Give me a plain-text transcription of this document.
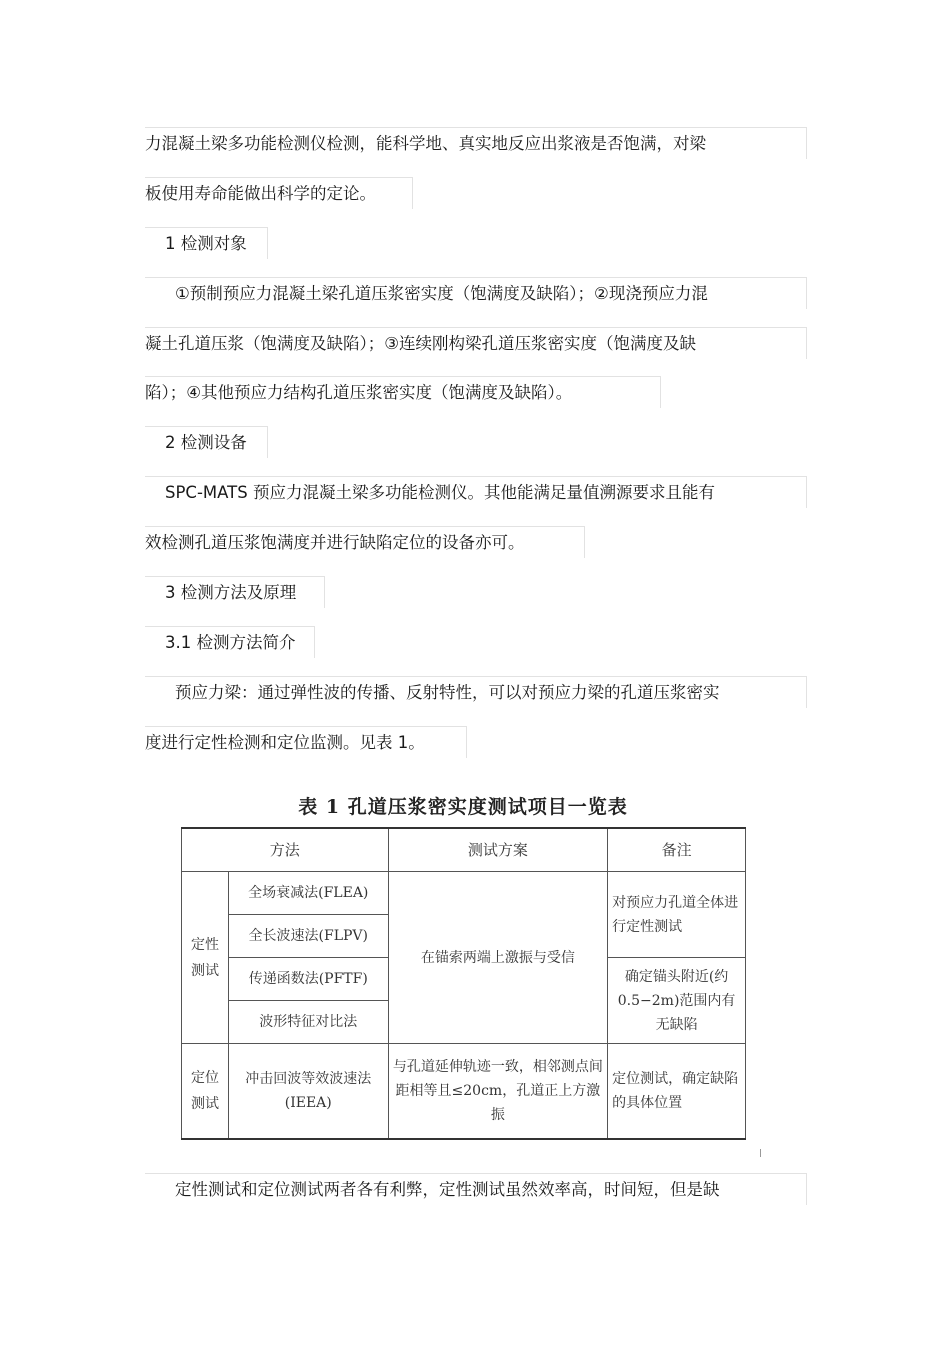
力混凝土梁多功能检测仪检测，能科学地、真实地反应出浆液是否饱满，对梁
板使用寿命能做出科学的定论。
1 检测对象
①预制预应力混凝土梁孔道压浆密实度（饱满度及缺陷）；②现浇预应力混
凝土孔道压浆（饱满度及缺陷）；③连续刚构梁孔道压浆密实度（饱满度及缺
陷）；④其他预应力结构孔道压浆密实度（饱满度及缺陷）。
2 检测设备
SPC-MATS 预应力混凝土梁多功能检测仪。其他能满足量值溯源要求且能有
效检测孔道压浆饱满度并进行缺陷定位的设备亦可。
3 检测方法及原理
3.1 检测方法简介
预应力梁：通过弹性波的传播、反射特性，可以对预应力梁的孔道压浆密实
度进行定性检测和定位监测。见表 1。
表 1 孔道压浆密实度测试项目一览表
方法		测试方案	备注
定性测试	全场衰减法(FLEA)	在锚索两端上激振与受信	对预应力孔道全体进行定性测试
	全长波速法(FLPV)		
	传递函数法(PFTF)		确定锚头附近(约 0.5−2m)范围内有无缺陷
	波形特征对比法		
定位测试	冲击回波等效波速法(IEEA)	与孔道延伸轨迹一致，相邻测点间距相等且≤20cm，孔道正上方激振	定位测试，确定缺陷的具体位置
定性测试和定位测试两者各有利弊，定性测试虽然效率高，时间短，但是缺
